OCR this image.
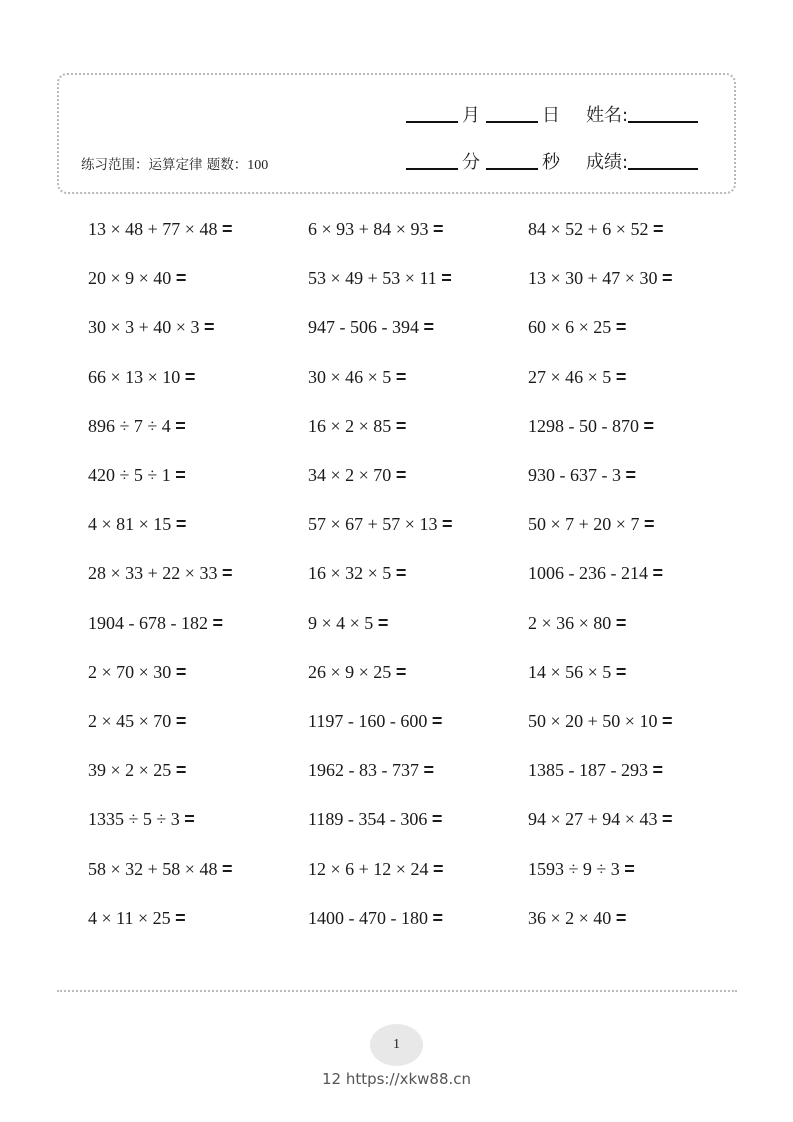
月	日 姓名:
练习范围：运算定律 题数：100	分	秒 成绩:
13 × 48 + 77 × 48 =	6 × 93 + 84 × 93 =	84 × 52 + 6 × 52 =
20 × 9 × 40 =	53 × 49 + 53 × 11 =	13 × 30 + 47 × 30 =
30 × 3 + 40 × 3 =	947 - 506 - 394 =	60 × 6 × 25 =
66 × 13 × 10 =	30 × 46 × 5 =	27 × 46 × 5 =
896 ÷ 7 ÷ 4 =	16 × 2 × 85 =	1298 - 50 - 870 =
420 ÷ 5 ÷ 1 =	34 × 2 × 70 =	930 - 637 - 3 =
4 × 81 × 15 =	57 × 67 + 57 × 13 =	50 × 7 + 20 × 7 =
28 × 33 + 22 × 33 =	16 × 32 × 5 =	1006 - 236 - 214 =
1904 - 678 - 182 =	9 × 4 × 5 =	2 × 36 × 80 =
2 × 70 × 30 =	26 × 9 × 25 =	14 × 56 × 5 =
2 × 45 × 70 =	1197 - 160 - 600 =	50 × 20 + 50 × 10 =
39 × 2 × 25 =	1962 - 83 - 737 =	1385 - 187 - 293 =
1335 ÷ 5 ÷ 3 =	1189 - 354 - 306 =	94 × 27 + 94 × 43 =
58 × 32 + 58 × 48 =	12 × 6 + 12 × 24 =	1593 ÷ 9 ÷ 3 =
4 × 11 × 25 =	1400 - 470 - 180 =	36 × 2 × 40 =
1
12 https://xkw88.cn
